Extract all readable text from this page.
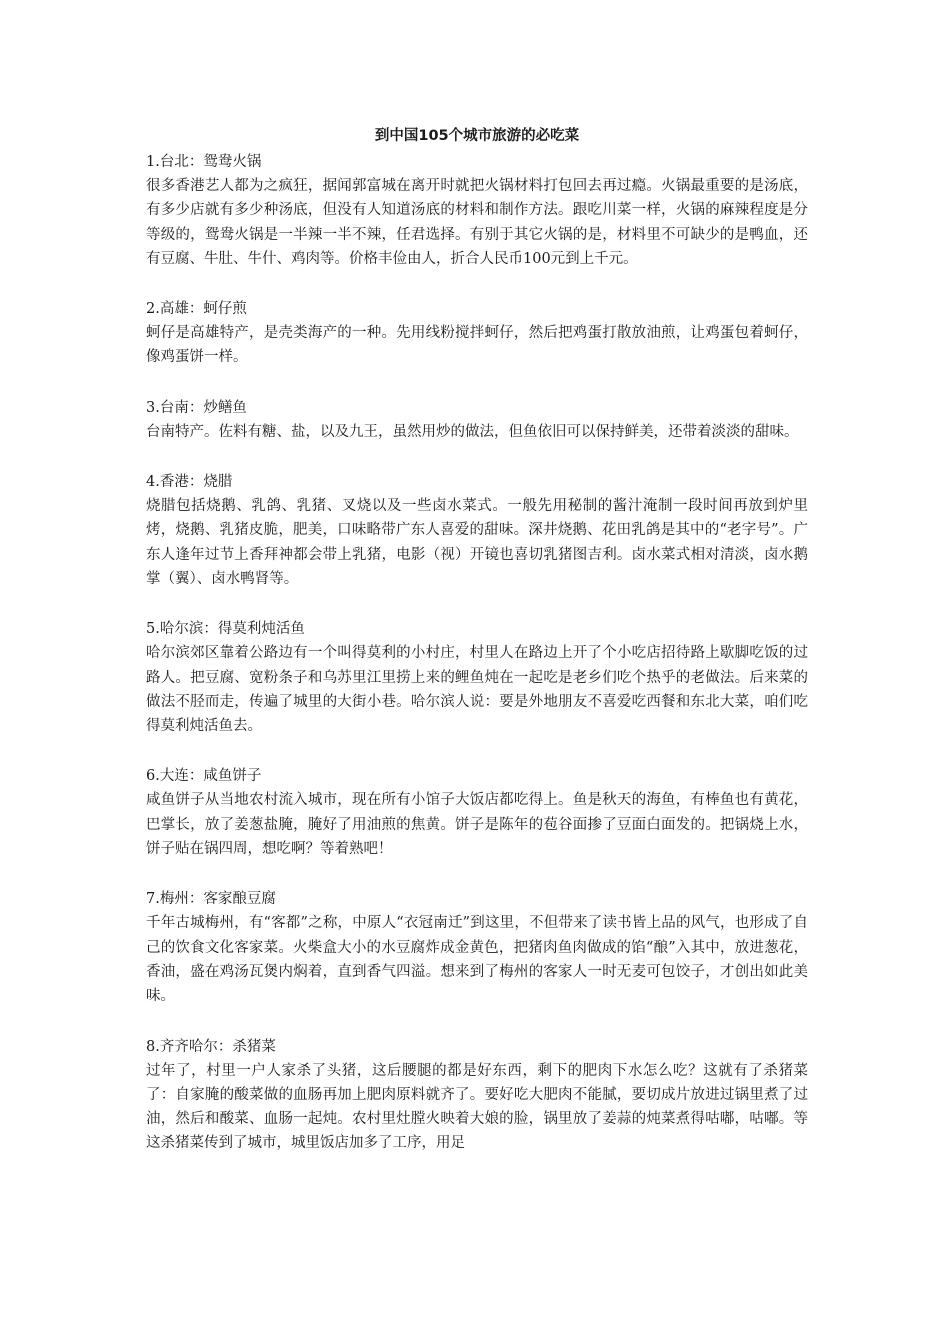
到中国105个城市旅游的必吃菜

1.台北：鸳鸯火锅

很多香港艺人都为之疯狂，据闻郭富城在离开时就把火锅材料打包回去再过瘾。火锅最重要的是汤底，有多少店就有多少种汤底，但没有人知道汤底的材料和制作方法。跟吃川菜一样，火锅的麻辣程度是分等级的，鸳鸯火锅是一半辣一半不辣，任君选择。有别于其它火锅的是，材料里不可缺少的是鸭血，还有豆腐、牛肚、牛什、鸡肉等。价格丰俭由人，折合人民币100元到上千元。

2.高雄：蚵仔煎

蚵仔是高雄特产，是壳类海产的一种。先用线粉搅拌蚵仔，然后把鸡蛋打散放油煎，让鸡蛋包着蚵仔，像鸡蛋饼一样。

3.台南：炒鳝鱼

台南特产。佐料有糖、盐，以及九王，虽然用炒的做法，但鱼依旧可以保持鲜美，还带着淡淡的甜味。

4.香港：烧腊

烧腊包括烧鹅、乳鸽、乳猪、叉烧以及一些卤水菜式。一般先用秘制的酱汁淹制一段时间再放到炉里烤，烧鹅、乳猪皮脆，肥美，口味略带广东人喜爱的甜味。深井烧鹅、花田乳鸽是其中的“老字号”。广东人逢年过节上香拜神都会带上乳猪，电影（视）开镜也喜切乳猪图吉利。卤水菜式相对清淡，卤水鹅掌（翼）、卤水鸭肾等。

5.哈尔滨：得莫利炖活鱼

哈尔滨郊区靠着公路边有一个叫得莫利的小村庄，村里人在路边上开了个小吃店招待路上歇脚吃饭的过路人。把豆腐、宽粉条子和乌苏里江里捞上来的鲤鱼炖在一起吃是老乡们吃个热乎的老做法。后来菜的做法不胫而走，传遍了城里的大街小巷。哈尔滨人说：要是外地朋友不喜爱吃西餐和东北大菜，咱们吃得莫利炖活鱼去。

6.大连：咸鱼饼子

咸鱼饼子从当地农村流入城市，现在所有小馆子大饭店都吃得上。鱼是秋天的海鱼，有棒鱼也有黄花，巴掌长，放了姜葱盐腌，腌好了用油煎的焦黄。饼子是陈年的苞谷面掺了豆面白面发的。把锅烧上水，饼子贴在锅四周，想吃啊？等着熟吧！

7.梅州：客家酿豆腐

千年古城梅州，有“客都”之称，中原人“衣冠南迁”到这里，不但带来了读书皆上品的风气，也形成了自己的饮食文化客家菜。火柴盒大小的水豆腐炸成金黄色，把猪肉鱼肉做成的馅“酿”入其中，放进葱花，香油，盛在鸡汤瓦煲内焖着，直到香气四溢。想来到了梅州的客家人一时无麦可包饺子，才创出如此美味。

8.齐齐哈尔：杀猪菜

过年了，村里一户人家杀了头猪，这后腰腿的都是好东西，剩下的肥肉下水怎么吃？这就有了杀猪菜了：自家腌的酸菜做的血肠再加上肥肉原料就齐了。要好吃大肥肉不能腻，要切成片放进过锅里煮了过油，然后和酸菜、血肠一起炖。农村里灶膛火映着大娘的脸，锅里放了姜蒜的炖菜煮得咕嘟，咕嘟。等这杀猪菜传到了城市，城里饭店加多了工序，用足
